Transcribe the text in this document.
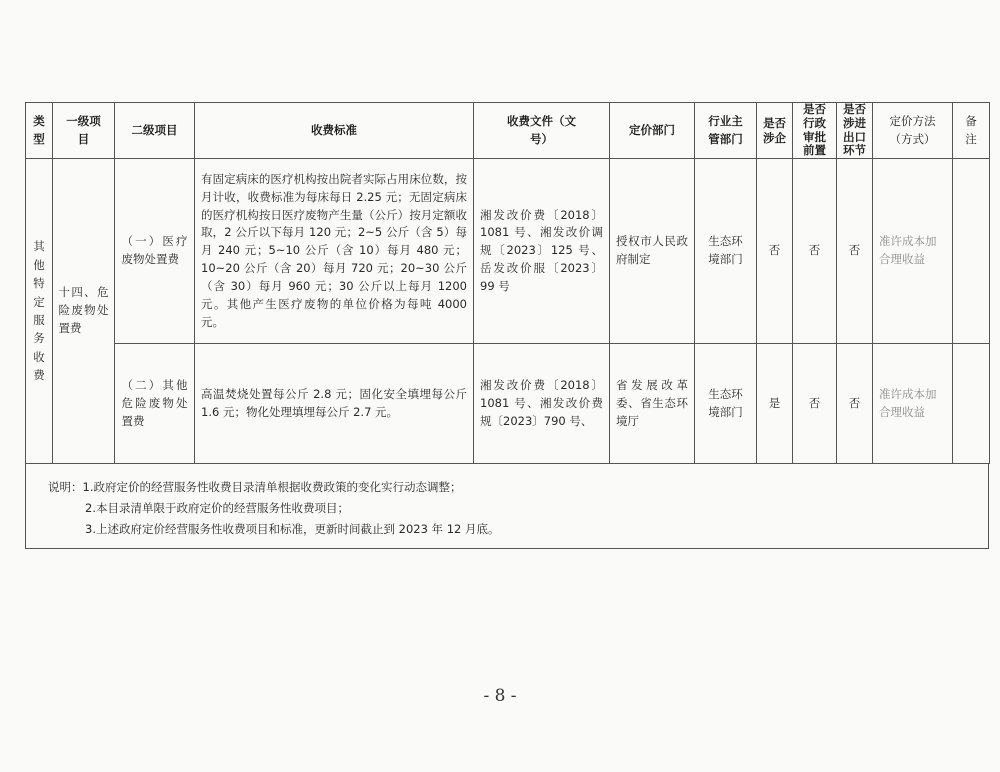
类型	一级项目	二级项目	收费标准	收费文件（文号）	定价部门	行业主管部门	是否涉企	是否行政审批前置	是否涉进出口环节	定价方法（方式）	备注

其他特定服务收费	十四、危险废物处置费	（一）医疗废物处置费	有固定病床的医疗机构按出院者实际占用床位数，按月计收，收费标准为每床每日 2.25 元；无固定病床的医疗机构按日医疗废物产生量（公斤）按月定额收取，2 公斤以下每月 120 元；2~5 公斤（含 5）每月 240 元；5~10 公斤（含 10）每月 480 元；10~20 公斤（含 20）每月 720 元；20~30 公斤（含 30）每月 960 元；30 公斤以上每月 1200 元。其他产生医疗废物的单位价格为每吨 4000 元。	湘发改价费〔2018〕1081 号、湘发改价调规〔2023〕125 号、岳发改价服〔2023〕99 号	授权市人民政府制定	生态环境部门	否	否	否	准许成本加合理收益	

		（二）其他危险废物处置费	高温焚烧处置每公斤 2.8 元；固化安全填埋每公斤 1.6 元；物化处理填埋每公斤 2.7 元。	湘发改价费〔2018〕1081 号、湘发改价费规〔2023〕790 号、	省发展改革委、省生态环境厅	生态环境部门	是	否	否	准许成本加合理收益	

说明：1.政府定价的经营服务性收费目录清单根据收费政策的变化实行动态调整；
2.本目录清单限于政府定价的经营服务性收费项目；
3.上述政府定价经营服务性收费项目和标准，更新时间截止到 2023 年 12 月底。
- 8 -
